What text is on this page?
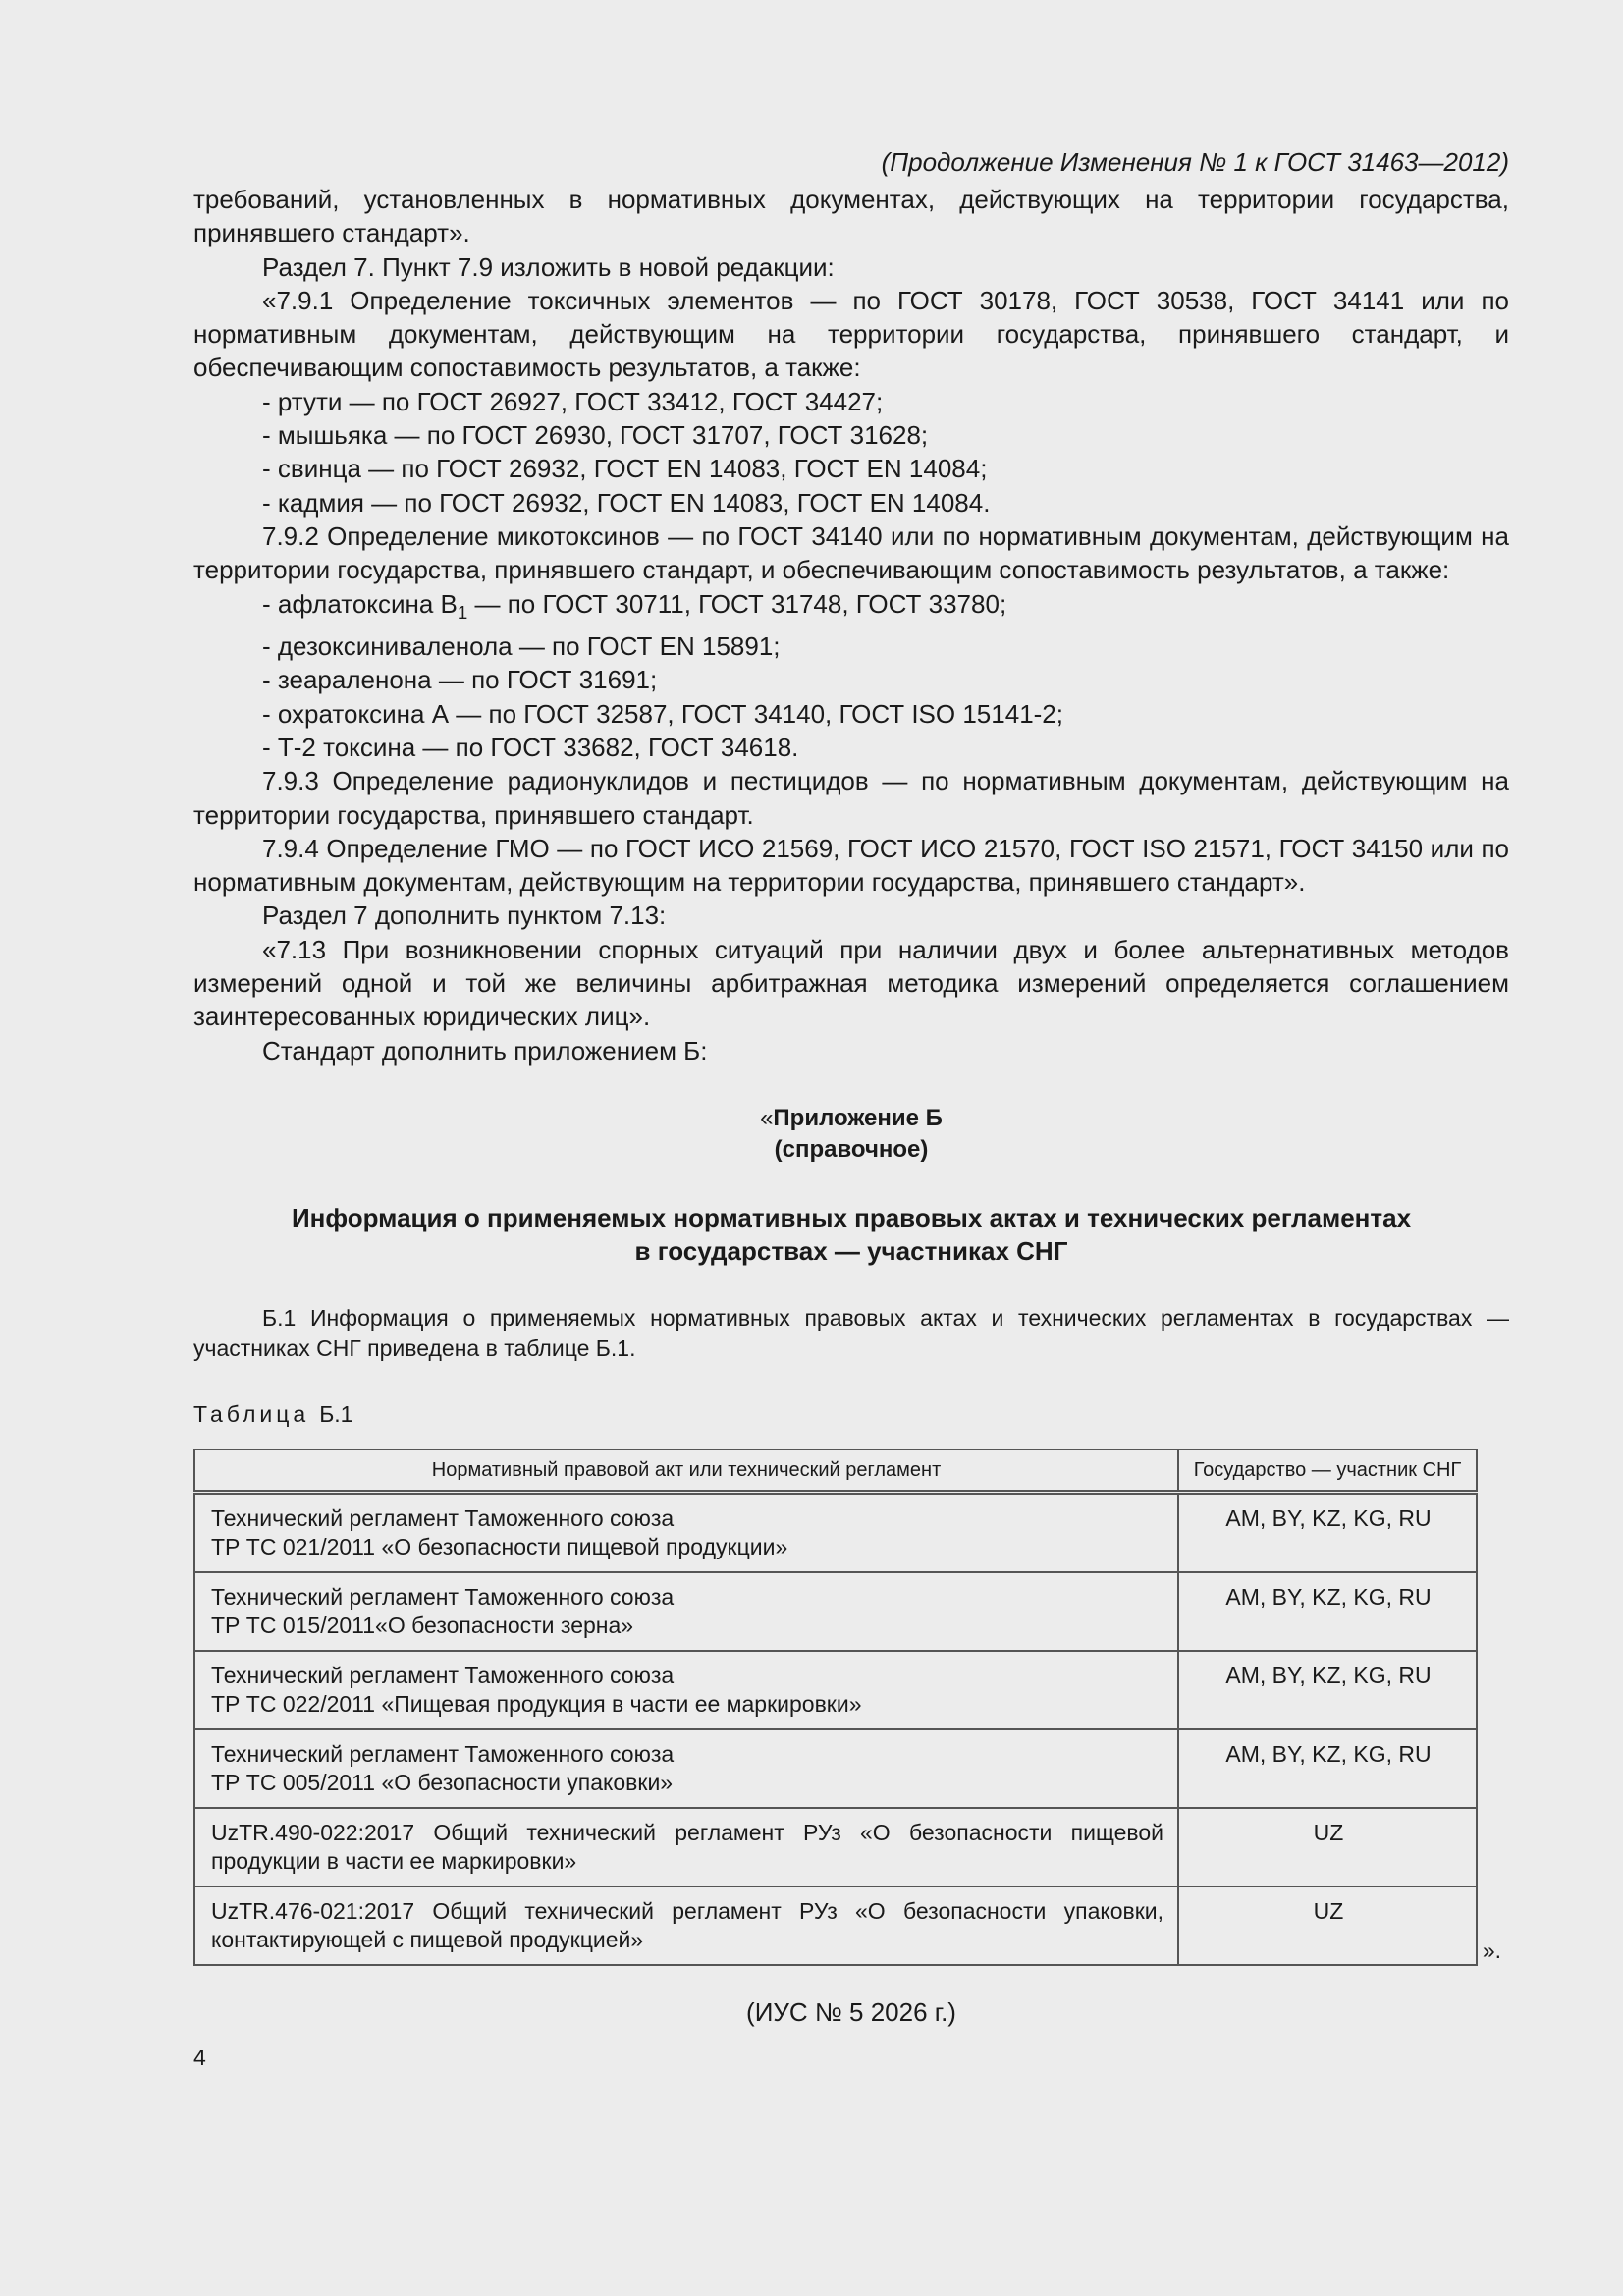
(Продолжение Изменения № 1 к ГОСТ 31463—2012)

требований, установленных в нормативных документах, действующих на территории государства, принявшего стандарт».

Раздел 7. Пункт 7.9 изложить в новой редакции:

«7.9.1 Определение токсичных элементов — по ГОСТ 30178, ГОСТ 30538, ГОСТ 34141 или по нормативным документам, действующим на территории государства, принявшего стандарт, и обеспечивающим сопоставимость результатов, а также:

- ртути — по ГОСТ 26927, ГОСТ 33412, ГОСТ 34427;

- мышьяка — по ГОСТ 26930, ГОСТ 31707, ГОСТ 31628;

- свинца — по ГОСТ 26932, ГОСТ EN 14083, ГОСТ EN 14084;

- кадмия — по ГОСТ 26932, ГОСТ EN 14083, ГОСТ EN 14084.

7.9.2 Определение микотоксинов — по ГОСТ 34140 или по нормативным документам, действующим на территории государства, принявшего стандарт, и обеспечивающим сопоставимость результатов, а также:

- афлатоксина $B_1$ — по ГОСТ 30711, ГОСТ 31748, ГОСТ 33780;

- дезоксиниваленола — по ГОСТ EN 15891;

- зеараленона — по ГОСТ 31691;

- охратоксина А — по ГОСТ 32587, ГОСТ 34140, ГОСТ ISO 15141-2;

- Т-2 токсина — по ГОСТ 33682, ГОСТ 34618.

7.9.3 Определение радионуклидов и пестицидов — по нормативным документам, действующим на территории государства, принявшего стандарт.

7.9.4 Определение ГМО — по ГОСТ ИСО 21569, ГОСТ ИСО 21570, ГОСТ ISO 21571, ГОСТ 34150 или по нормативным документам, действующим на территории государства, принявшего стандарт».

Раздел 7 дополнить пунктом 7.13:

«7.13 При возникновении спорных ситуаций при наличии двух и более альтернативных методов измерений одной и той же величины арбитражная методика измерений определяется соглашением заинтересованных юридических лиц».

Стандарт дополнить приложением Б:

«Приложение Б
(справочное)
Информация о применяемых нормативных правовых актах и технических регламентах
в государствах — участниках СНГ
Б.1 Информация о применяемых нормативных правовых актах и технических регламентах в государствах — участниках СНГ приведена в таблице Б.1.
Таблица Б.1
Нормативный правовой акт или технический регламент	Государство — участник СНГ

Технический регламент Таможенного союза
ТР ТС 021/2011 «О безопасности пищевой продукции»	AM, BY, KZ, KG, RU

Технический регламент Таможенного союза
ТР ТС 015/2011«О безопасности зерна»	AM, BY, KZ, KG, RU

Технический регламент Таможенного союза
ТР ТС 022/2011 «Пищевая продукция в части ее маркировки»	AM, BY, KZ, KG, RU

Технический регламент Таможенного союза
ТР ТС 005/2011 «О безопасности упаковки»	AM, BY, KZ, KG, RU
UzTR.490-022:2017 Общий технический регламент РУз «О безопасности пищевой продукции в части ее маркировки»	UZ
UzTR.476-021:2017 Общий технический регламент РУз «О безопасности упаковки, контактирующей с пищевой продукцией»	UZ
».
(ИУС № 5 2026 г.)
4
